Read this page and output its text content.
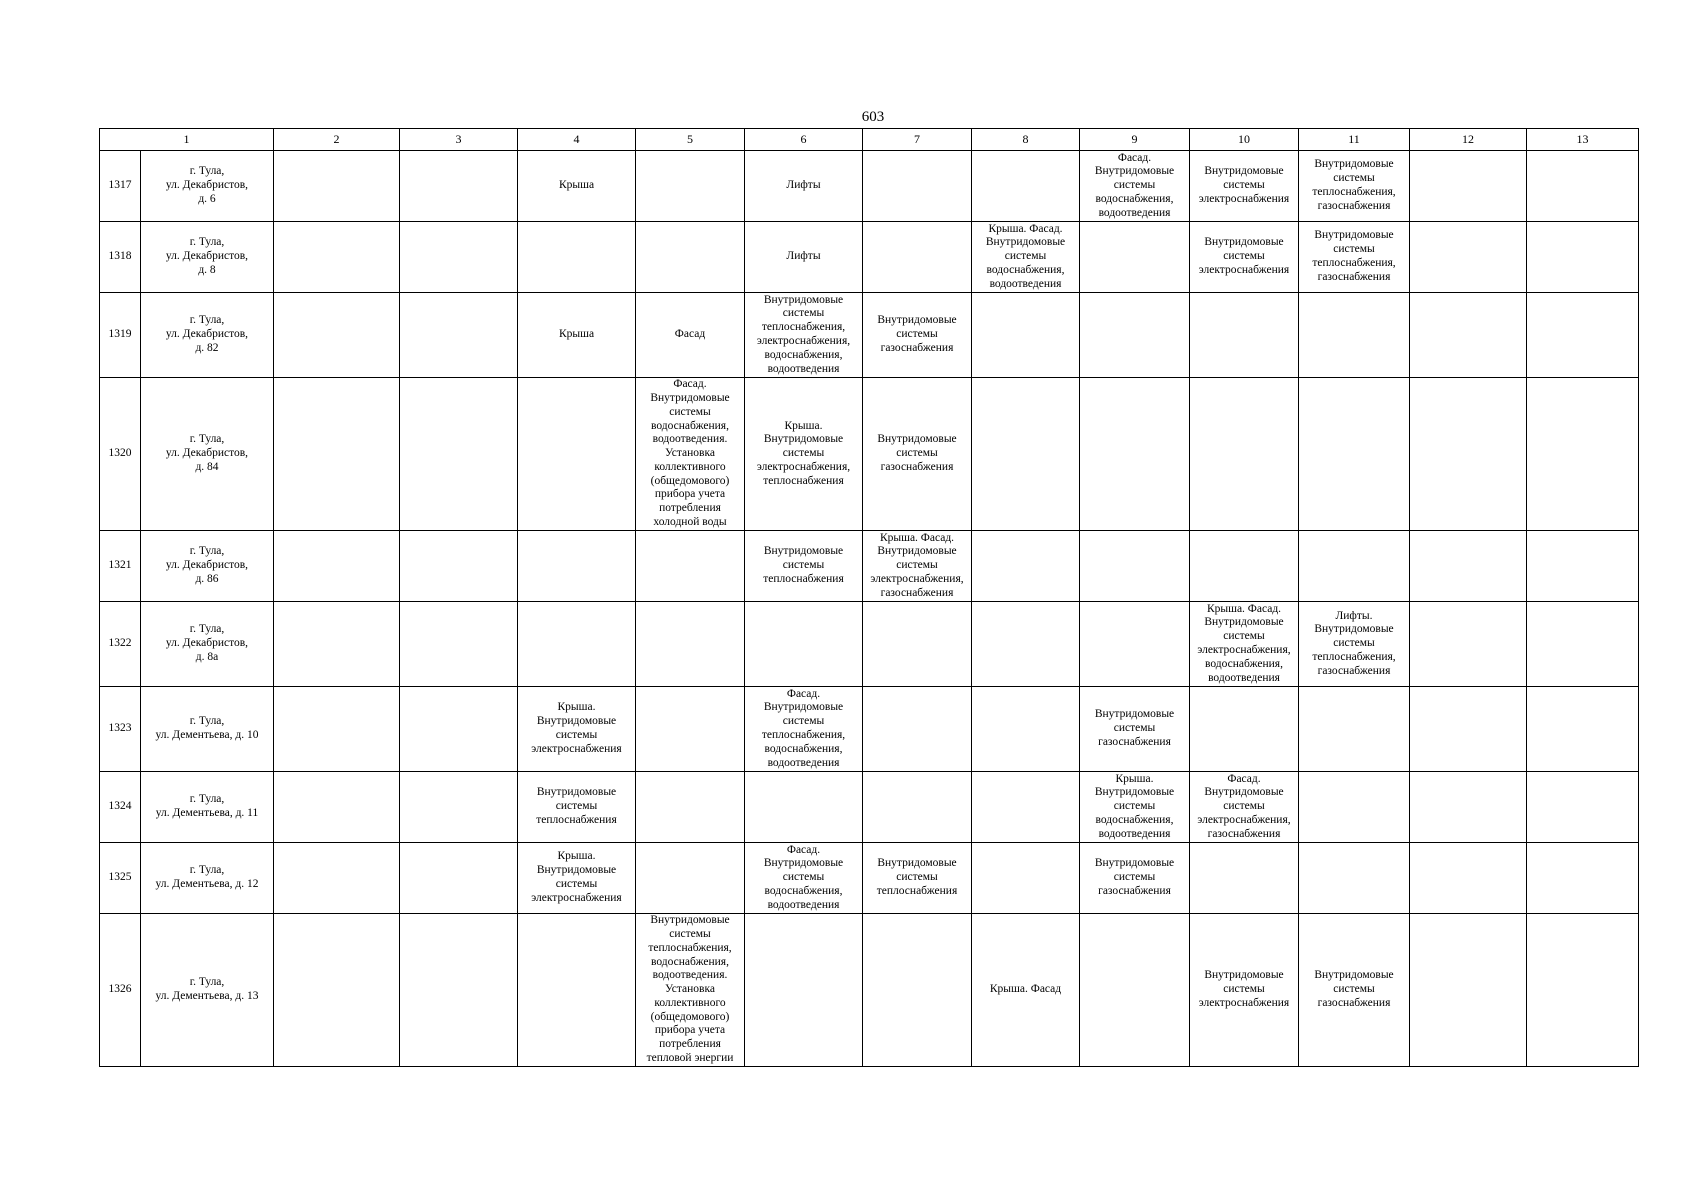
603
1		2	3	4	5	6	7	8	9	10	11	12	13
1317	г. Тула,
ул. Декабристов,
д. 6			Крыша		Лифты			Фасад. Внутридомовые системы водоснабжения, водоотведения	Внутридомовые системы электроснабжения	Внутридомовые системы теплоснабжения, газоснабжения		
1318	г. Тула,
ул. Декабристов,
д. 8					Лифты		Крыша. Фасад. Внутридомовые системы водоснабжения, водоотведения		Внутридомовые системы электроснабжения	Внутридомовые системы теплоснабжения, газоснабжения		
1319	г. Тула,
ул. Декабристов,
д. 82			Крыша	Фасад	Внутридомовые системы теплоснабжения, электроснабжения, водоснабжения, водоотведения	Внутридомовые системы газоснабжения						
1320	г. Тула,
ул. Декабристов,
д. 84				Фасад. Внутридомовые системы водоснабжения, водоотведения. Установка коллективного (общедомового) прибора учета потребления холодной воды	Крыша. Внутридомовые системы электроснабжения, теплоснабжения	Внутридомовые системы газоснабжения						
1321	г. Тула,
ул. Декабристов,
д. 86					Внутридомовые системы теплоснабжения	Крыша. Фасад. Внутридомовые системы электроснабжения, газоснабжения						
1322	г. Тула,
ул. Декабристов,
д. 8а									Крыша. Фасад. Внутридомовые системы электроснабжения, водоснабжения, водоотведения	Лифты. Внутридомовые системы теплоснабжения, газоснабжения		
1323	г. Тула,
ул. Дементьева, д. 10			Крыша. Внутридомовые системы электроснабжения		Фасад. Внутридомовые системы теплоснабжения, водоснабжения, водоотведения			Внутридомовые системы газоснабжения				
1324	г. Тула,
ул. Дементьева, д. 11			Внутридомовые системы теплоснабжения					Крыша. Внутридомовые системы водоснабжения, водоотведения	Фасад. Внутридомовые системы электроснабжения, газоснабжения			
1325	г. Тула,
ул. Дементьева, д. 12			Крыша. Внутридомовые системы электроснабжения		Фасад. Внутридомовые системы водоснабжения, водоотведения	Внутридомовые системы теплоснабжения		Внутридомовые системы газоснабжения				
1326	г. Тула,
ул. Дементьева, д. 13				Внутридомовые системы теплоснабжения, водоснабжения, водоотведения. Установка коллективного (общедомового) прибора учета потребления тепловой энергии			Крыша. Фасад		Внутридомовые системы электроснабжения	Внутридомовые системы газоснабжения		
